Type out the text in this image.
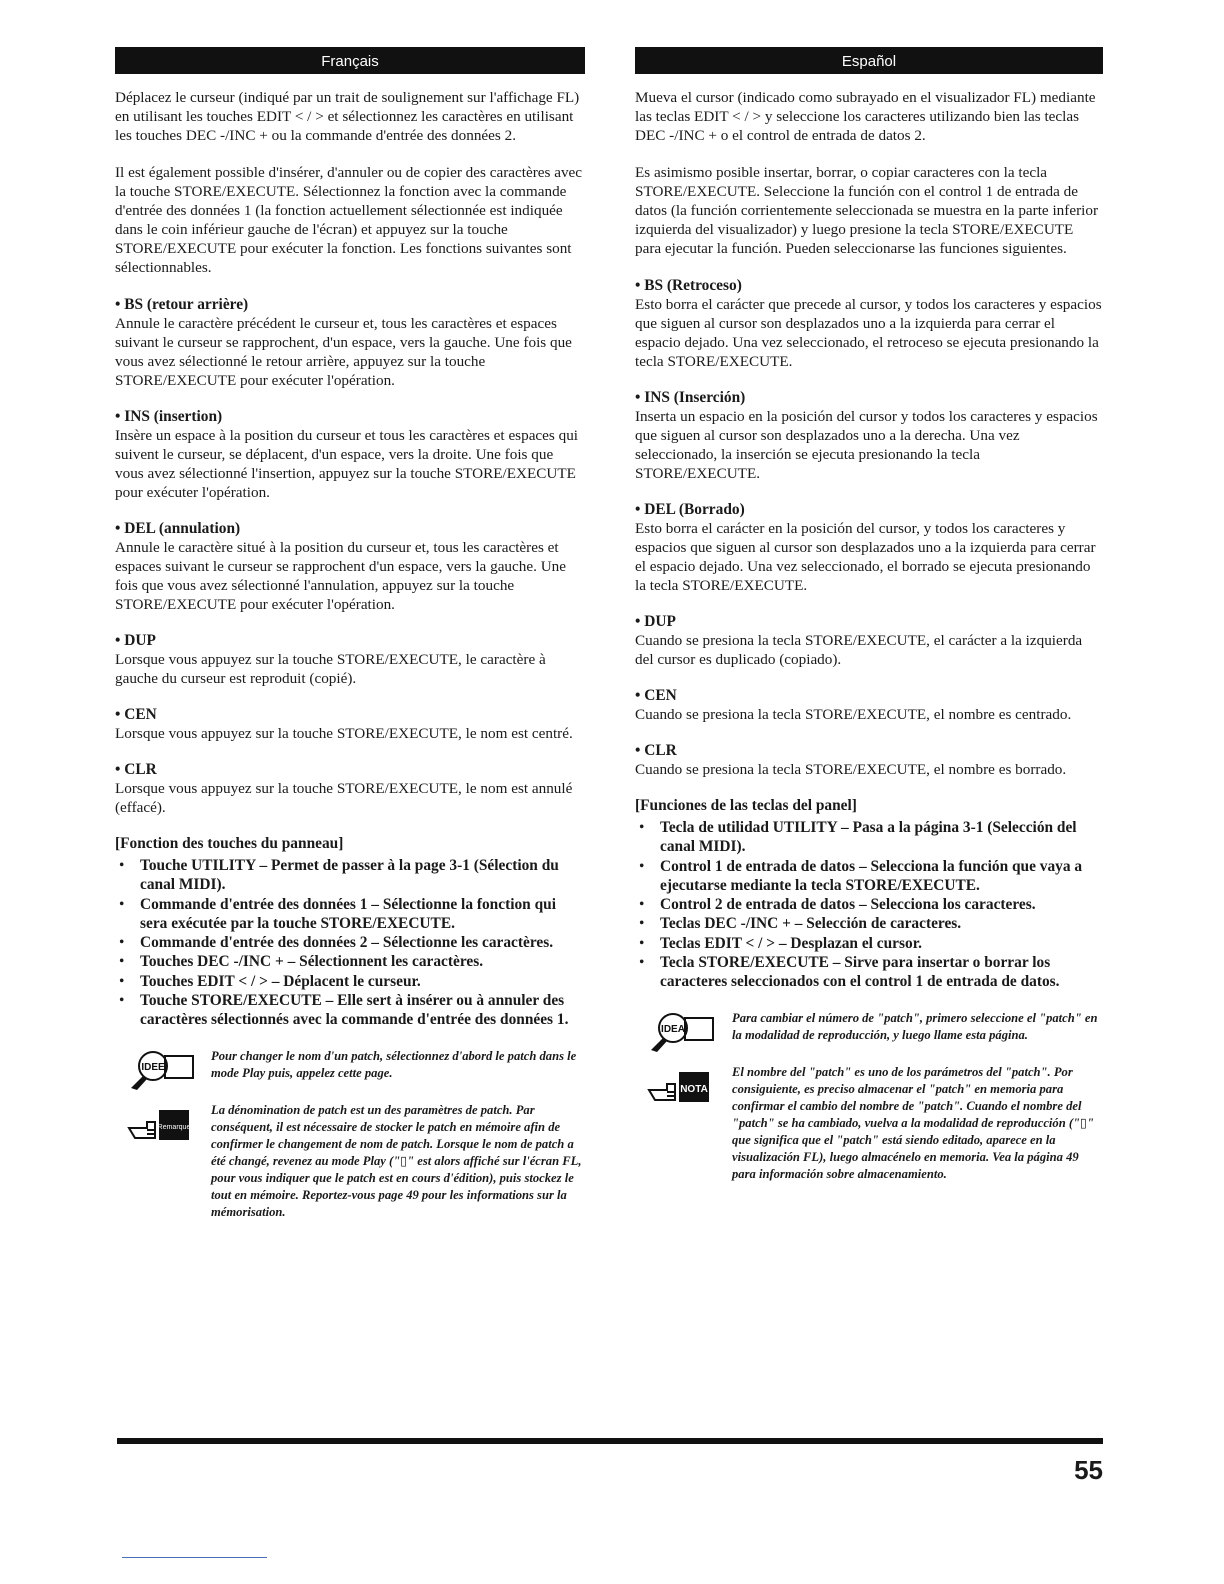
Français

Déplacez le curseur (indiqué par un trait de soulignement sur l'affichage FL) en utilisant les touches EDIT < / > et sélectionnez les caractères en utilisant les touches DEC -/INC + ou la commande d'entrée des données 2.

Il est également possible d'insérer, d'annuler ou de copier des caractères avec la touche STORE/EXECUTE. Sélectionnez la fonction avec la commande d'entrée des données 1 (la fonction actuellement sélectionnée est indiquée dans le coin inférieur gauche de l'écran) et appuyez sur la touche STORE/EXECUTE pour exécuter la fonction. Les fonctions suivantes sont sélectionnables.

• BS (retour arrière)

Annule le caractère précédent le curseur et, tous les caractères et espaces suivant le curseur se rapprochent, d'un espace, vers la gauche. Une fois que vous avez sélectionné le retour arrière, appuyez sur la touche STORE/EXECUTE pour exécuter l'opération.

• INS (insertion)

Insère un espace à la position du curseur et tous les caractères et espaces qui suivent le curseur, se déplacent, d'un espace, vers la droite. Une fois que vous avez sélectionné l'insertion, appuyez sur la touche STORE/EXECUTE pour exécuter l'opération.

• DEL (annulation)

Annule le caractère situé à la position du curseur et, tous les caractères et espaces suivant le curseur se rapprochent d'un espace, vers la gauche. Une fois que vous avez sélectionné l'annulation, appuyez sur la touche STORE/EXECUTE pour exécuter l'opération.

• DUP

Lorsque vous appuyez sur la touche STORE/EXECUTE, le caractère à gauche du curseur est reproduit (copié).

• CEN

Lorsque vous appuyez sur la touche STORE/EXECUTE, le nom est centré.

• CLR

Lorsque vous appuyez sur la touche STORE/EXECUTE, le nom est annulé (effacé).

[Fonction des touches du panneau]

• Touche UTILITY – Permet de passer à la page 3-1 (Sélection du canal MIDI).
• Commande d'entrée des données 1 – Sélectionne la fonction qui sera exécutée par la touche STORE/EXECUTE.
• Commande d'entrée des données 2 – Sélectionne les caractères.
• Touches DEC -/INC + – Sélectionnent les caractères.
• Touches EDIT < / > – Déplacent le curseur.
• Touche STORE/EXECUTE – Elle sert à insérer ou à annuler des caractères sélectionnés avec la commande d'entrée des données 1.
IDEE

Pour changer le nom d'un patch, sélectionnez d'abord le patch dans le mode Play puis, appelez cette page.

Remarque

La dénomination de patch est un des paramètres de patch. Par conséquent, il est nécessaire de stocker le patch en mémoire afin de confirmer le changement de nom de patch. Lorsque le nom de patch a été changé, revenez au mode Play ("▯" est alors affiché sur l'écran FL, pour vous indiquer que le patch est en cours d'édition), puis stockez le tout en mémoire. Reportez-vous page 49 pour les informations sur la mémorisation.

Español

Mueva el cursor (indicado como subrayado en el visualizador FL) mediante las teclas EDIT < / > y seleccione los caracteres utilizando bien las teclas DEC -/INC + o el control de entrada de datos 2.

Es asimismo posible insertar, borrar, o copiar caracteres con la tecla STORE/EXECUTE. Seleccione la función con el control 1 de entrada de datos (la función corrientemente seleccionada se muestra en la parte inferior izquierda del visualizador) y luego presione la tecla STORE/EXECUTE para ejecutar la función. Pueden seleccionarse las funciones siguientes.

• BS (Retroceso)

Esto borra el carácter que precede al cursor, y todos los caracteres y espacios que siguen al cursor son desplazados uno a la izquierda para cerrar el espacio dejado. Una vez seleccionado, el retroceso se ejecuta presionando la tecla STORE/EXECUTE.

• INS (Inserción)

Inserta un espacio en la posición del cursor y todos los caracteres y espacios que siguen al cursor son desplazados uno a la derecha. Una vez seleccionado, la inserción se ejecuta presionando la tecla STORE/EXECUTE.

• DEL (Borrado)

Esto borra el carácter en la posición del cursor, y todos los caracteres y espacios que siguen al cursor son desplazados uno a la izquierda para cerrar el espacio dejado. Una vez seleccionado, el borrado se ejecuta presionando la tecla STORE/EXECUTE.

• DUP

Cuando se presiona la tecla STORE/EXECUTE, el carácter a la izquierda del cursor es duplicado (copiado).

• CEN

Cuando se presiona la tecla STORE/EXECUTE, el nombre es centrado.

• CLR

Cuando se presiona la tecla STORE/EXECUTE, el nombre es borrado.

[Funciones de las teclas del panel]

• Tecla de utilidad UTILITY – Pasa a la página 3-1 (Selección del canal MIDI).
• Control 1 de entrada de datos – Selecciona la función que vaya a ejecutarse mediante la tecla STORE/EXECUTE.
• Control 2 de entrada de datos – Selecciona los caracteres.
• Teclas DEC -/INC + – Selección de caracteres.
• Teclas EDIT < / > – Desplazan el cursor.
• Tecla STORE/EXECUTE – Sirve para insertar o borrar los caracteres seleccionados con el control 1 de entrada de datos.
IDEA

Para cambiar el número de "patch", primero seleccione el "patch" en la modalidad de reproducción, y luego llame esta página.

NOTA

El nombre del "patch" es uno de los parámetros del "patch". Por consiguiente, es preciso almacenar el "patch" en memoria para confirmar el cambio del nombre de "patch". Cuando el nombre del "patch" se ha cambiado, vuelva a la modalidad de reproducción ("▯" que significa que el "patch" está siendo editado, aparece en la visualización FL), luego almacénelo en memoria. Vea la página 49 para información sobre almacenamiento.

55
